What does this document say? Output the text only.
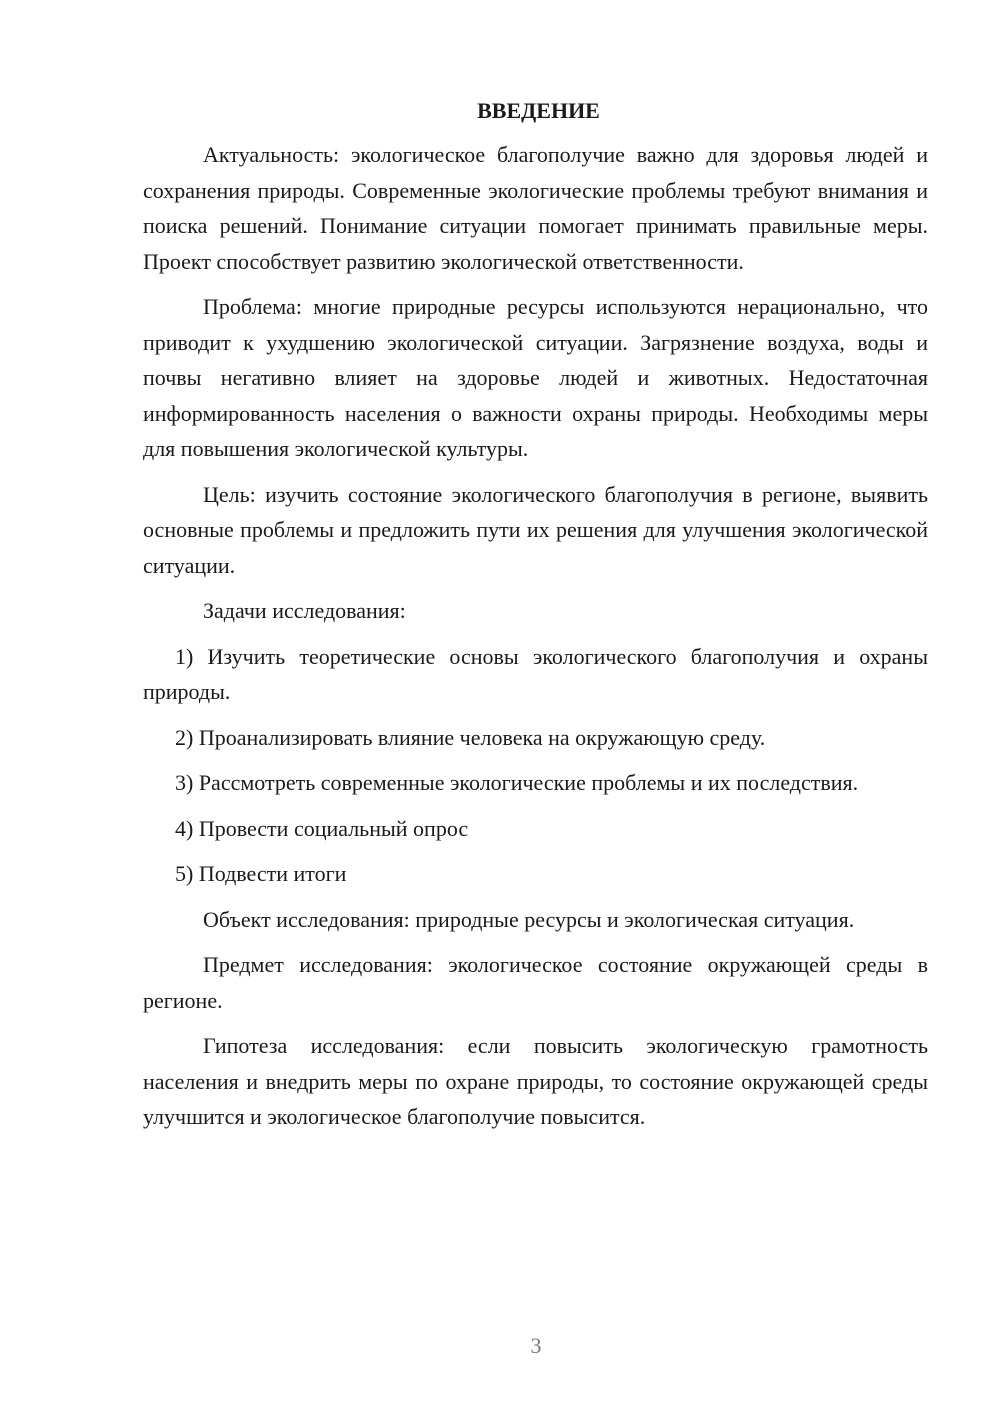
ВВЕДЕНИЕ

Актуальность: экологическое благополучие важно для здоровья людей и сохранения природы. Современные экологические проблемы требуют внимания и поиска решений. Понимание ситуации помогает принимать правильные меры. Проект способствует развитию экологической ответственности.

Проблема: многие природные ресурсы используются нерационально, что приводит к ухудшению экологической ситуации. Загрязнение воздуха, воды и почвы негативно влияет на здоровье людей и животных. Недостаточная информированность населения о важности охраны природы. Необходимы меры для повышения экологической культуры.

Цель: изучить состояние экологического благополучия в регионе, выявить основные проблемы и предложить пути их решения для улучшения экологической ситуации.

Задачи исследования:

1) Изучить теоретические основы экологического благополучия и охраны природы.

2) Проанализировать влияние человека на окружающую среду.

3) Рассмотреть современные экологические проблемы и их последствия.

4) Провести социальный опрос

5) Подвести итоги

Объект исследования: природные ресурсы и экологическая ситуация.

Предмет исследования: экологическое состояние окружающей среды в регионе.

Гипотеза исследования: если повысить экологическую грамотность населения и внедрить меры по охране природы, то состояние окружающей среды улучшится и экологическое благополучие повысится.

3
